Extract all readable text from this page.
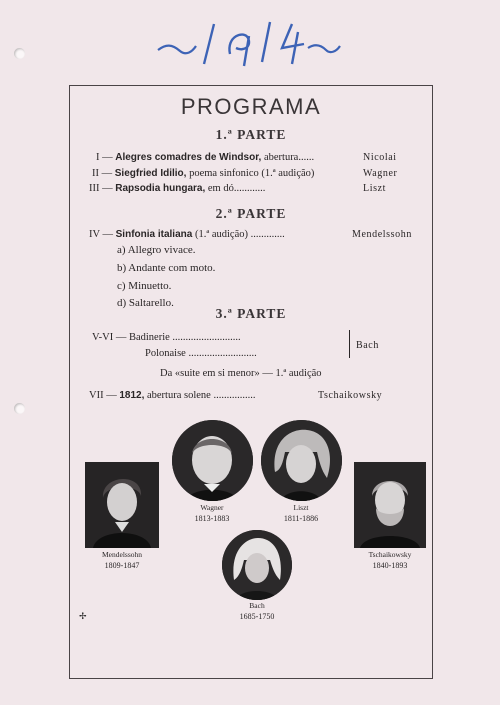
PROGRAMA
1.ª PARTE
2.ª PARTE
3.ª PARTE
I — Alegres comadres de Windsor, abertura......	Nicolai
II — Siegfried Idilio, poema sinfonico (1.ª audição)	Wagner
III — Rapsodia hungara, em dó............	Liszt
IV — Sinfonia italiana (1.ª audição) .............	Mendelssohn
a) Allegro vivace.
b) Andante com moto.
c) Minuetto.
d) Saltarello.
V-VI — Badinerie ..........................
Polonaise ..........................
Bach
Da «suite em si menor» — 1.ª audição
VII — 1812, abertura solene ................	Tschaikowsky
Wagner
1813-1883
Liszt
1811-1886
Mendelssohn
1809-1847
Tschaikowsky
1840-1893
Bach
1685-1750
✢
